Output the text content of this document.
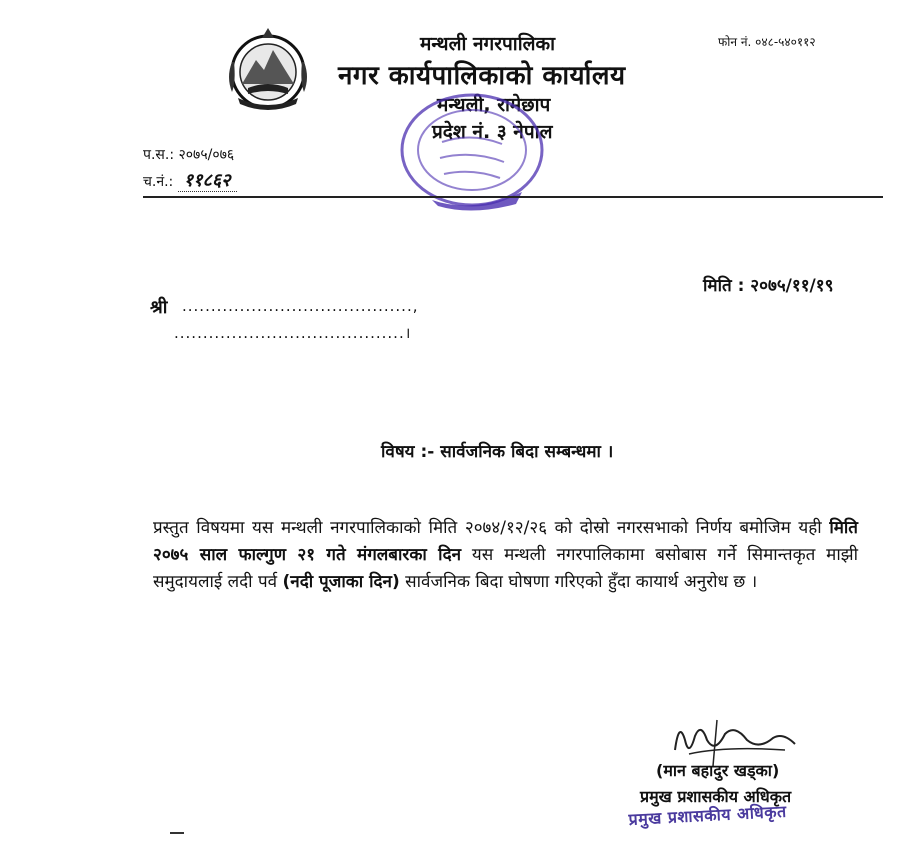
मन्थली नगरपालिका
नगर कार्यपालिकाको कार्यालय
मन्थली, रामेछाप
प्रदेश नं. ३ नेपाल
फोन नं. ०४८-५४०११२
प.स.: २०७५/०७६
च.नं.: ११८६२
मिति : २०७५/११/१९
श्री ........................................,
........................................।
विषय :- सार्वजनिक बिदा सम्बन्धमा ।
प्रस्तुत विषयमा यस मन्थली नगरपालिकाको मिति २०७४/१२/२६ को दोस्रो नगरसभाको निर्णय बमोजिम यही मिति २०७५ साल फाल्गुण २१ गते मंगलबारका दिन यस मन्थली नगरपालिकामा बसोबास गर्ने सिमान्तकृत माझी समुदायलाई लदी पर्व (नदी पूजाका दिन) सार्वजनिक बिदा घोषणा गरिएको हुँदा कायार्थ अनुरोध छ ।
(मान बहादुर खड्का)
प्रमुख प्रशासकीय अधिकृत
प्रमुख प्रशासकीय अधिकृत
